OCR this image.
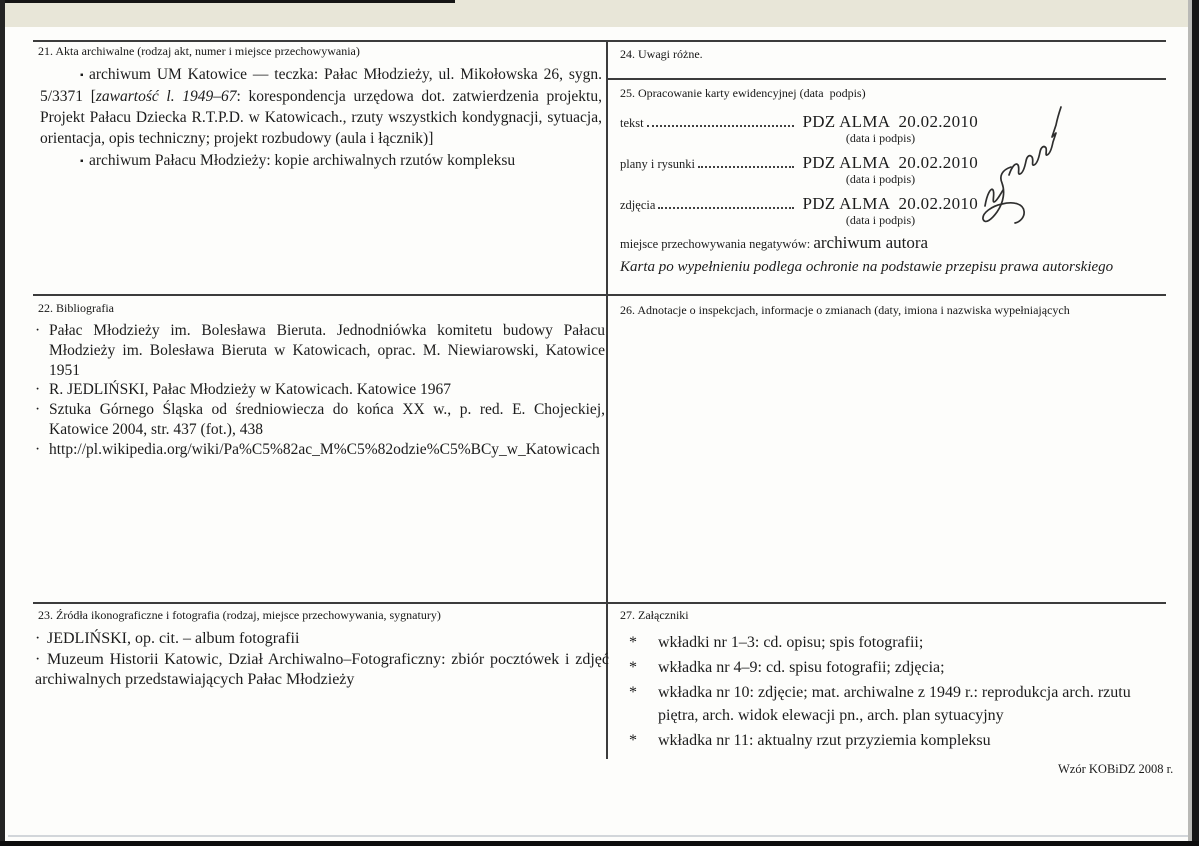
21. Akta archiwalne (rodzaj akt, numer i miejsce przechowywania)

▪ archiwum UM Katowice — teczka: Pałac Młodzieży, ul. Mikołowska 26, sygn. 5/3371 [zawartość l. 1949–67: korespondencja urzędowa dot. zatwierdzenia projektu, Projekt Pałacu Dziecka R.T.P.D. w Katowicach., rzuty wszystkich kondygnacji, sytuacja, orientacja, opis techniczny; projekt rozbudowy (aula i łącznik)]

▪ archiwum Pałacu Młodzieży: kopie archiwalnych rzutów kompleksu

22. Bibliografia
· Pałac Młodzieży im. Bolesława Bieruta. Jednodniówka komitetu budowy Pałacu Młodzieży im. Bolesława Bieruta w Katowicach, oprac. M. Niewiarowski, Katowice 1951
· R. JEDLIŃSKI, Pałac Młodzieży w Katowicach. Katowice 1967
· Sztuka Górnego Śląska od średniowiecza do końca XX w., p. red. E. Chojeckiej, Katowice 2004, str. 437 (fot.), 438
· http://pl.wikipedia.org/wiki/Pa%C5%82ac_M%C5%82odzie%C5%BCy_w_Katowicach
23. Źródła ikonograficzne i fotografia (rodzaj, miejsce przechowywania, sygnatury)
· JEDLIŃSKI, op. cit. – album fotografii
· Muzeum Historii Katowic, Dział Archiwalno–Fotograficzny: zbiór pocztówek i zdjęć archiwalnych przedstawiających Pałac Młodzieży
24. Uwagi różne.
25. Opracowanie karty ewidencyjnej (data  podpis)
tekst	PDZ ALMA  20.02.2010
(data i podpis)
plany i rysunki	PDZ ALMA  20.02.2010
(data i podpis)
zdjęcia	PDZ ALMA  20.02.2010
(data i podpis)
miejsce przechowywania negatywów: archiwum autora
Karta po wypełnieniu podlega ochronie na podstawie przepisu prawa autorskiego
26. Adnotacje o inspekcjach, informacje o zmianach (daty, imiona i nazwiska wypełniających
27. Załączniki
* wkładki nr 1–3: cd. opisu; spis fotografii;
* wkładka nr 4–9: cd. spisu fotografii; zdjęcia;
* wkładka nr 10: zdjęcie; mat. archiwalne z 1949 r.: reprodukcja arch. rzutu piętra, arch. widok elewacji pn., arch. plan sytuacyjny
* wkładka nr 11: aktualny rzut przyziemia kompleksu
Wzór KOBiDZ 2008 r.
